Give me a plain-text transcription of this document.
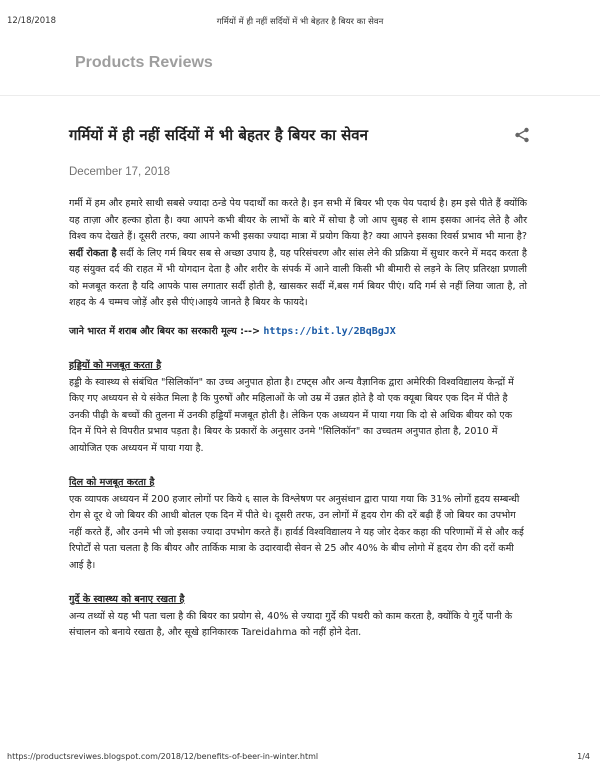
12/18/2018	गर्मियों में ही नहीं सर्दियों में भी बेहतर है बियर का सेवन
Products Reviews
गर्मियों में ही नहीं सर्दियों में भी बेहतर है बियर का सेवन
December 17, 2018

गर्मी में हम और हमारे साथी सबसे ज्यादा ठन्डे पेय पदार्थों का करते है। इन सभी में बियर भी एक पेय पदार्थ है। हम इसे पीते हैं क्योंकि यह ताज़ा और हल्का होता है। क्या आपने कभी बीयर के लाभों के बारे में सोचा है जो आप सुबह से शाम इसका आनंद लेते है और विश्व कप देखते हैं। दूसरी तरफ, क्या आपने कभी इसका ज्यादा मात्रा में प्रयोग किया है? क्या आपने इसका रिवर्स प्रभाव भी माना है? सर्दी रोकता है सर्दी के लिए गर्म बियर सब से अच्छा उपाय है, यह परिसंचरण और सांस लेने की प्रक्रिया में सुधार करने में मदद करता है यह संयुक्त दर्द की राहत में भी योगदान देता है और शरीर के संपर्क में आने वाली किसी भी बीमारी से लड़ने के लिए प्रतिरक्षा प्रणाली को मजबूत करता है यदि आपके पास लगातार सर्दी होती है, खासकर सर्दी में,बस गर्म बियर पीएं। यदि गर्म से नहीं लिया जाता है, तो शहद के 4 चम्मच जोड़ें और इसे पीएं।आइये जानते है बियर के फायदे।

जाने भारत में शराब और बियर का सरकारी मूल्य :--> https://bit.ly/2BqBgJX

हड्डियों को मजबूत करता है

हड्डी के स्वास्थ्य से संबंधित "सिलिकॉन" का उच्च अनुपात होता है। टफ्ट्स और अन्य वैज्ञानिक द्वारा अमेरिकी विश्वविद्यालय केन्द्रों में किए गए अध्ययन से ये संकेत मिला है कि पुरुषों और महिलाओं के जो उम्र में उन्नत होते है वो एक क्यूबा बियर एक दिन में पीते है उनकी पीढ़ी के बच्चों की तुलना में उनकी हड्डियाँ मजबूत होती है। लेकिन एक अध्ययन में पाया गया कि दो से अधिक बीयर को एक दिन में पिने से विपरीत प्रभाव पड़ता है। बियर के प्रकारों के अनुसार उनमे "सिलिकॉन" का उच्चतम अनुपात होता है, 2010 में आयोजित एक अध्ययन में पाया गया है.

दिल को मजबूत करता है

एक व्यापक अध्ययन में 200 हजार लोगों पर किये ६ साल के विश्लेषण पर अनुसंधान द्वारा पाया गया कि 31% लोगों हृदय सम्बन्धी रोग से दूर थे जो बियर की आधी बोतल एक दिन में पीते थे। दूसरी तरफ, उन लोगों में हृदय रोग की दरें बढ़ी हैं जो बियर का उपभोग नहीं करते हैं, और उनमे भी जो इसका ज्यादा उपभोग करते हैं। हार्वर्ड विश्वविद्यालय ने यह जोर देकर कहा की परिणामों में से और कई रिपोर्टों से पता चलता है कि बीयर और तार्किक मात्रा के उदारवादी सेवन से 25 और 40% के बीच लोगो में हृदय रोग की दरों कमी आई है।

गुर्दे के स्वास्थ्य को बनाए रखता है

अन्य तथ्यों से यह भी पता चला है की बियर का प्रयोग से, 40% से ज्यादा गुर्दे की पथरी को काम करता है, क्योंकि ये गुर्दे पानी के संचालन को बनाये रखता है, और सूखे हानिकारक Tareidahma को नहीं होने देता.

https://productsreviwes.blogspot.com/2018/12/benefits-of-beer-in-winter.html	1/4
